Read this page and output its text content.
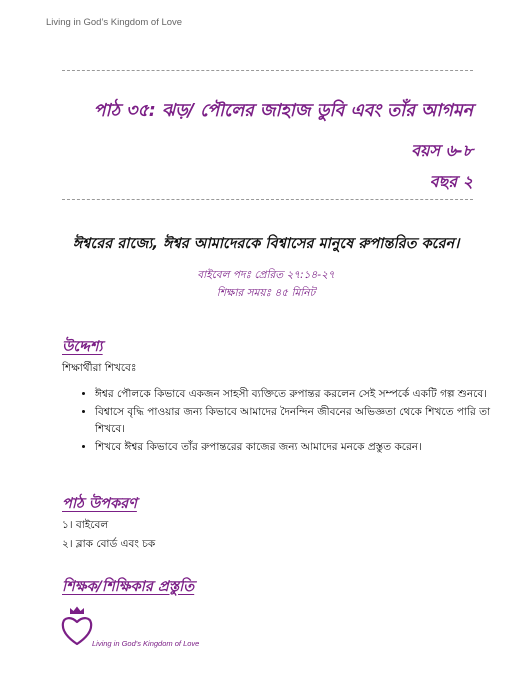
Living in God’s Kingdom of Love
পাঠ ৩৫: ঝড়/ পৌলের জাহাজ ডুবি এবং তাঁর আগমন
বয়স ৬-৮
বছর ২
ঈশ্বরের রাজ্যে, ঈশ্বর আমাদেরকে বিশ্বাসের মানুষে রুপান্তরিত করেন।
বাইবেল পদঃ প্রেরিত ২৭:১৪-২৭
শিক্ষার সময়ঃ ৪৫ মিনিট
উদ্দেশ্য
শিক্ষার্থীরা শিখবেঃ
• ঈশ্বর পৌলকে কিভাবে একজন সাহসী ব্যক্তিতে রুপান্তর করলেন সেই সম্পর্কে একটি গল্প শুনবে।
• বিশ্বাসে বৃদ্ধি পাওয়ার জন্য কিভাবে আমাদের দৈনন্দিন জীবনের অভিজ্ঞতা থেকে শিখতে পারি তা শিখবে।
• শিখবে ঈশ্বর কিভাবে তাঁর রুপান্তরের কাজের জন্য আমাদের মনকে প্রস্তুত করেন।
পাঠ উপকরণ
১। বাইবেল
২। ব্লাক বোর্ড এবং চক
শিক্ষক/শিক্ষিকার প্রস্তুতি
Living in God's Kingdom of Love
